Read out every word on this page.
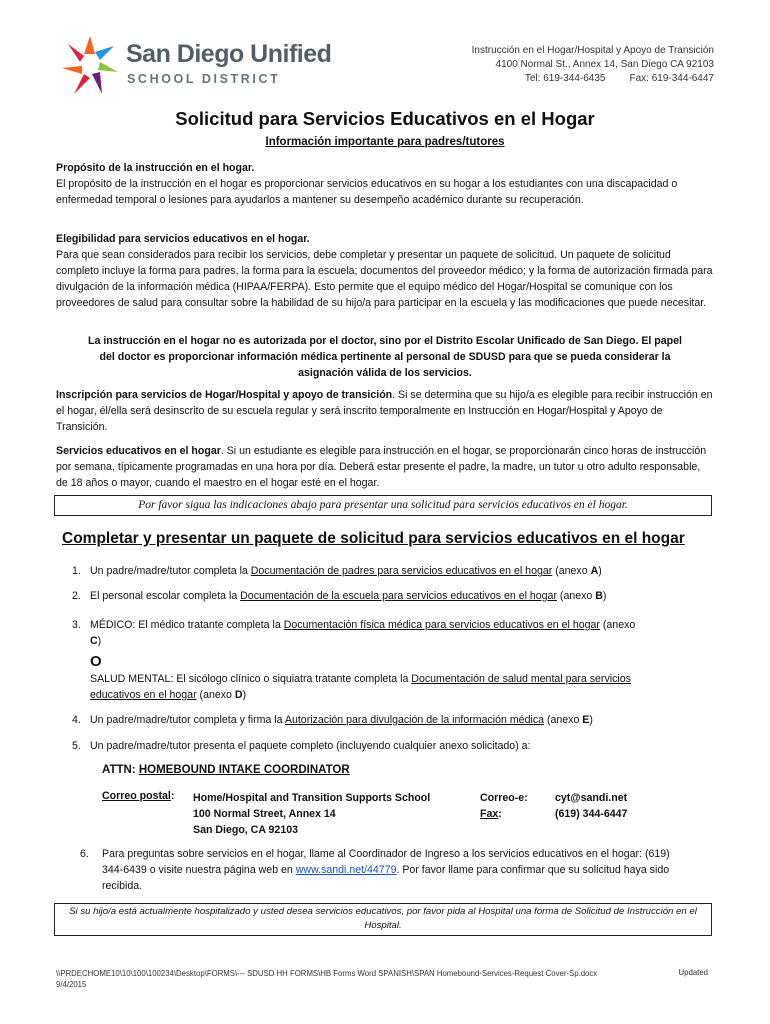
San Diego Unified
SCHOOL DISTRICT
Instrucción en el Hogar/Hospital y Apoyo de Transición
4100 Normal St., Annex 14, San Diego CA 92103
Tel: 619-344-6435 Fax: 619-344-6447
Solicitud para Servicios Educativos en el Hogar
Información importante para padres/tutores
Propósito de la instrucción en el hogar.
El propósito de la instrucción en el hogar es proporcionar servicios educativos en su hogar a los estudiantes con una discapacidad o enfermedad temporal o lesiones para ayudarlos a mantener su desempeño académico durante su recuperación.
Elegibilidad para servicios educativos en el hogar.
Para que sean considerados para recibir los servicios, debe completar y presentar un paquete de solicitud. Un paquete de solicitud completo incluye la forma para padres, la forma para la escuela; documentos del proveedor médico; y la forma de autorización firmada para divulgación de la información médica (HIPAA/FERPA). Esto permite que el equipo médico del Hogar/Hospital se comunique con los proveedores de salud para consultar sobre la habilidad de su hijo/a para participar en la escuela y las modificaciones que puede necesitar.
La instrucción en el hogar no es autorizada por el doctor, sino por el Distrito Escolar Unificado de San Diego. El papel del doctor es proporcionar información médica pertinente al personal de SDUSD para que se pueda considerar la asignación válida de los servicios.
Inscripción para servicios de Hogar/Hospital y apoyo de transición. Si se determina que su hijo/a es elegible para recibir instrucción en el hogar, él/ella será desinscrito de su escuela regular y será inscrito temporalmente en Instrucción en Hogar/Hospital y Apoyo de Transición.
Servicios educativos en el hogar. Si un estudiante es elegible para instrucción en el hogar, se proporcionarán cinco horas de instrucción por semana, típicamente programadas en una hora por día. Deberá estar presente el padre, la madre, un tutor u otro adulto responsable, de 18 años o mayor, cuando el maestro en el hogar esté en el hogar.
Por favor sigua las indicaciones abajo para presentar una solicitud para servicios educativos en el hogar.
Completar y presentar un paquete de solicitud para servicios educativos en el hogar
1. Un padre/madre/tutor completa la Documentación de padres para servicios educativos en el hogar (anexo A)
2. El personal escolar completa la Documentación de la escuela para servicios educativos en el hogar (anexo B)
3. MÉDICO: El médico tratante completa la Documentación física médica para servicios educativos en el hogar (anexo
C)
O
SALUD MENTAL: El sicólogo clínico o siquiatra tratante completa la Documentación de salud mental para servicios
educativos en el hogar (anexo D)
4. Un padre/madre/tutor completa y firma la Autorización para divulgación de la información médica (anexo E)
5. Un padre/madre/tutor presenta el paquete completo (incluyendo cualquier anexo solicitado) a:
ATTN: HOMEBOUND INTAKE COORDINATOR
Correo postal: Home/Hospital and Transition Supports School
100 Normal Street, Annex 14
San Diego, CA 92103
Correo-e:
Fax:
cyt@sandi.net
(619) 344-6447
6.	Para preguntas sobre servicios en el hogar, llame al Coordinador de Ingreso a los servicios educativos en el hogar: (619) 344-6439 o visite nuestra página web en www.sandi.net/44779. Por favor llame para confirmar que su solicitud haya sido recibida.
Si su hijo/a está actualmente hospitalizado y usted desea servicios educativos, por favor pida al Hospital una forma de Solicitud de Instrucción en el Hospital.
\\PRDECHOME10\10\100\100234\Desktop\FORMS\--- SDUSD HH FORMS\HB Forms Word SPANISH\SPAN Homebound-Services-Request Cover-Sp.docx
9/4/2015
Updated
